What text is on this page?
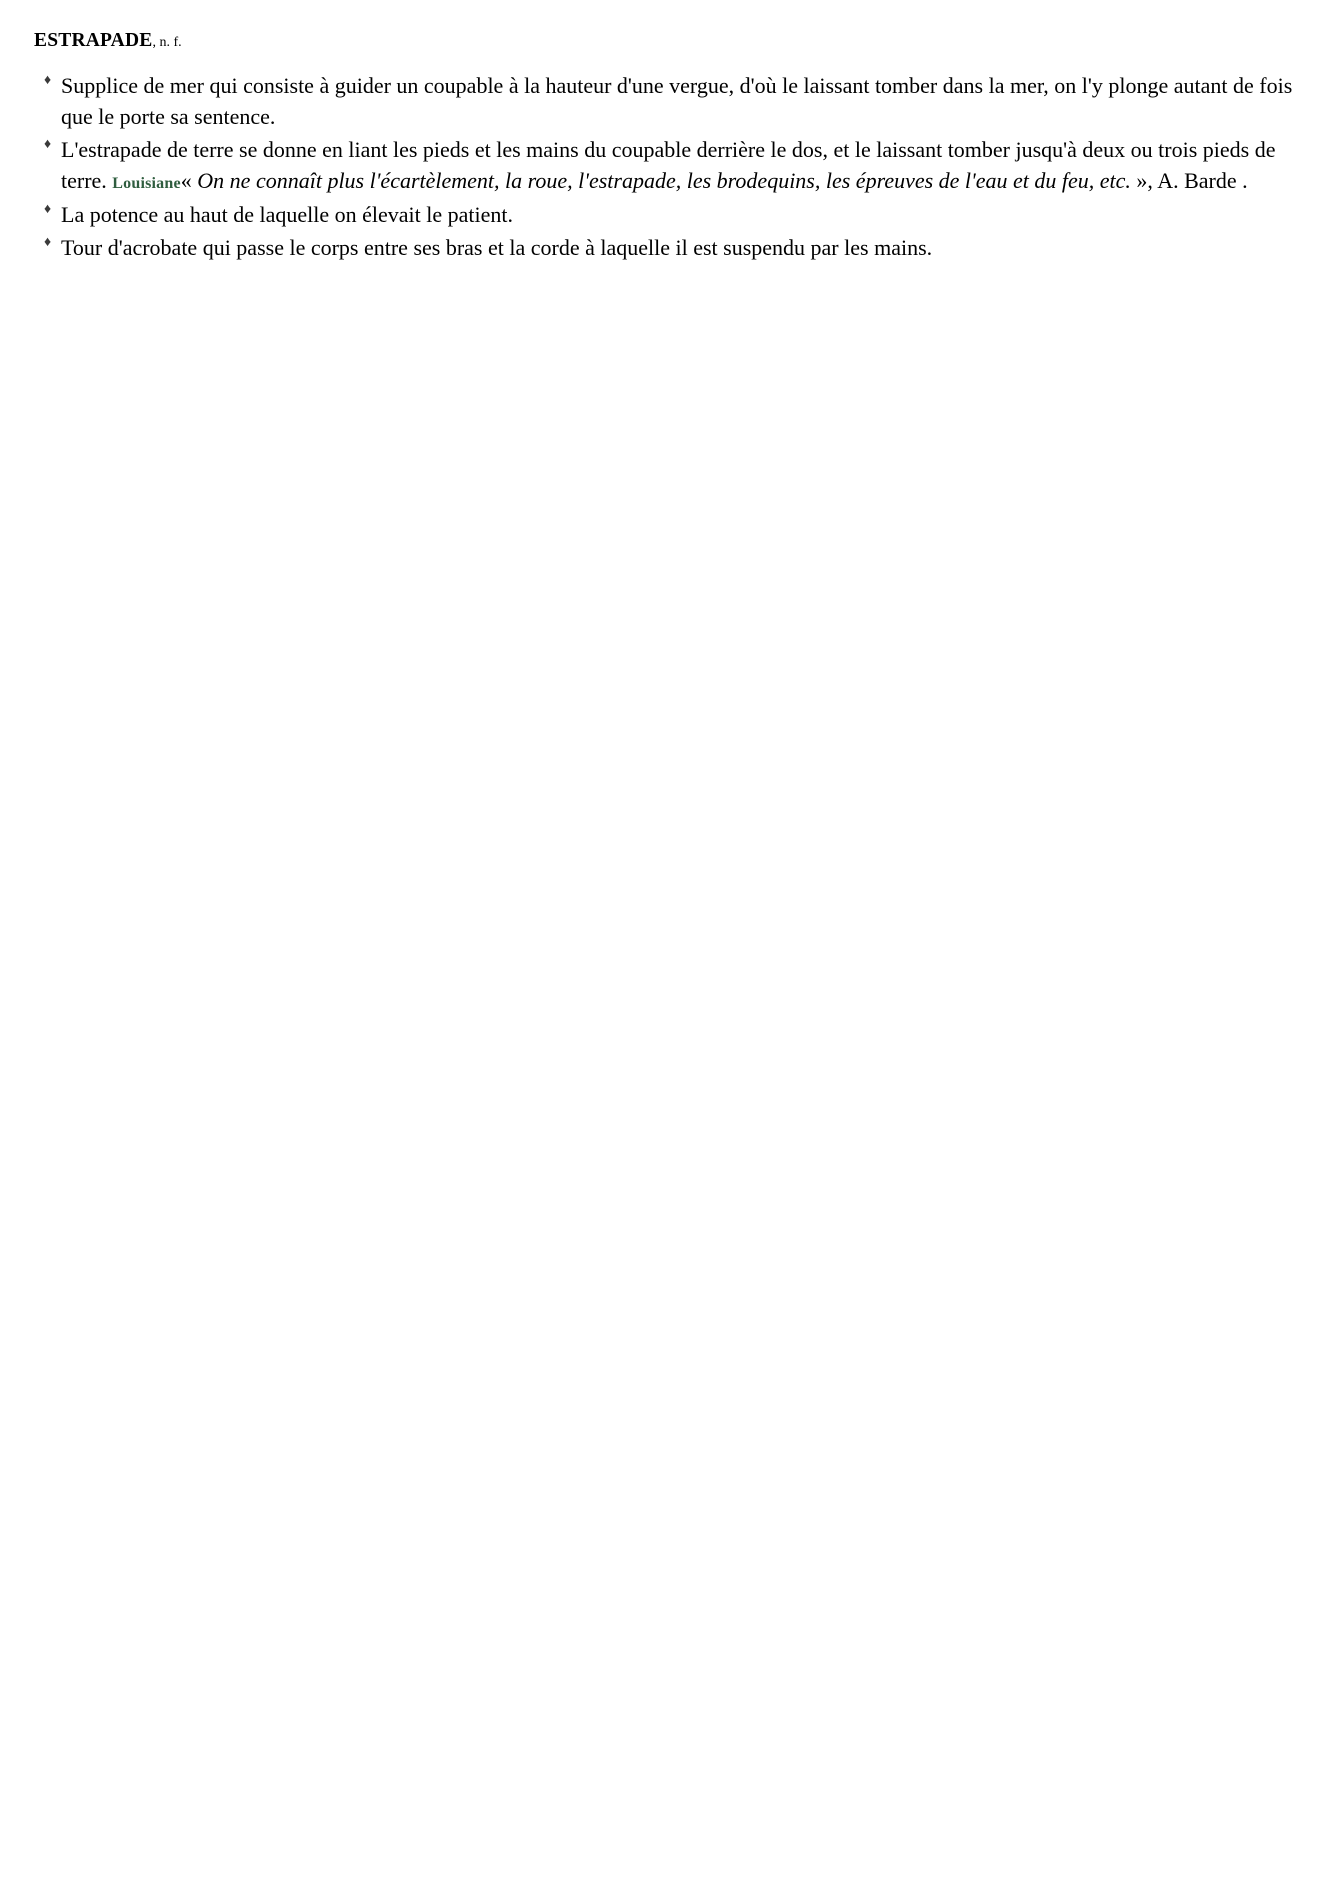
ESTRAPADE, n. f.

♦ Supplice de mer qui consiste à guider un coupable à la hauteur d'une vergue, d'où le laissant tomber dans la mer, on l'y plonge autant de fois que le porte sa sentence.

♦ L'estrapade de terre se donne en liant les pieds et les mains du coupable derrière le dos, et le laissant tomber jusqu'à deux ou trois pieds de terre. Louisiane« On ne connaît plus l'écartèlement, la roue, l'estrapade, les brodequins, les épreuves de l'eau et du feu, etc. », A. Barde .

♦ La potence au haut de laquelle on élevait le patient.

♦ Tour d'acrobate qui passe le corps entre ses bras et la corde à laquelle il est suspendu par les mains.
